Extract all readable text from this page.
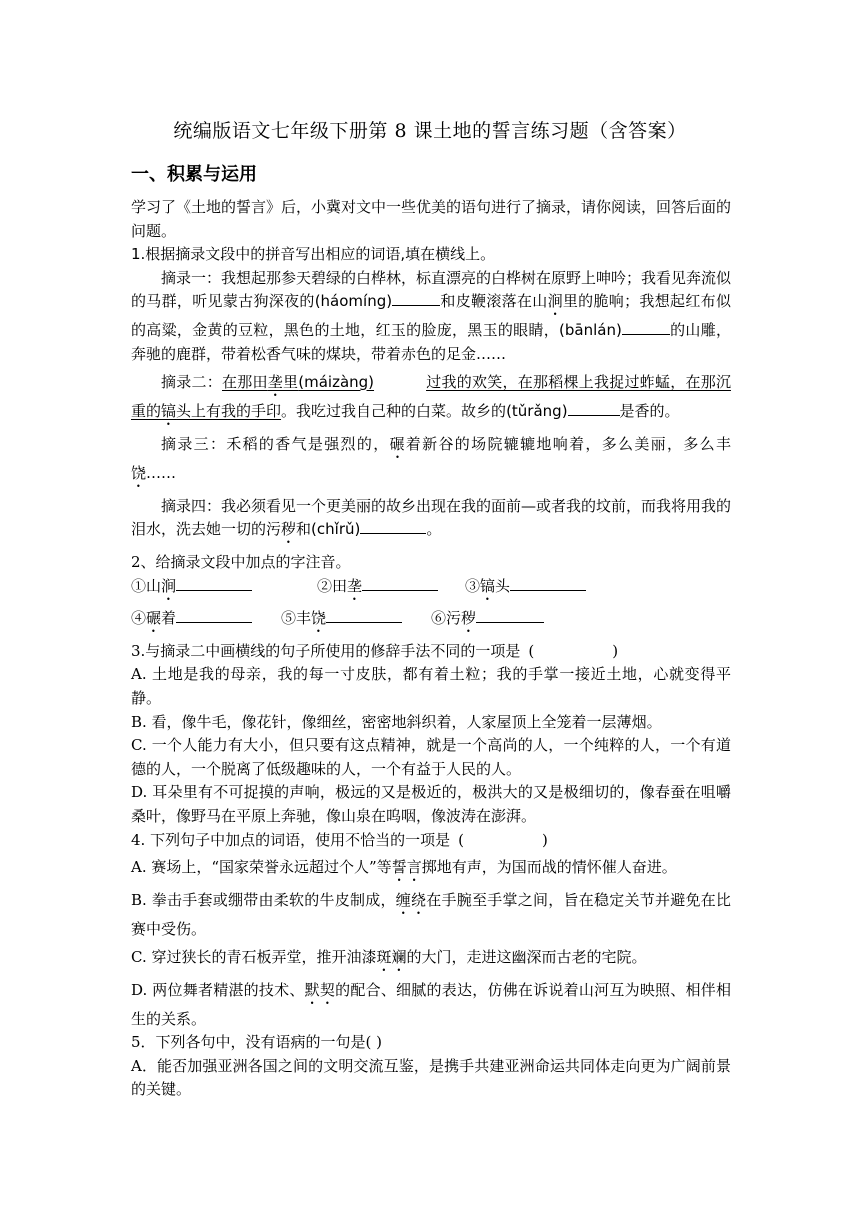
统编版语文七年级下册第 8 课土地的誓言练习题（含答案）
一、积累与运用

学习了《土地的誓言》后，小冀对文中一些优美的语句进行了摘录，请你阅读，回答后面的问题。

1.根据摘录文段中的拼音写出相应的词语,填在横线上。

摘录一：我想起那参天碧绿的白桦林，标直漂亮的白桦树在原野上呻吟；我看见奔流似的马群，听见蒙古狗深夜的(háomíng)	和皮鞭滚落在山涧里的脆响；我想起红布似的高粱，金黄的豆粒，黑色的土地，红玉的脸庞，黑玉的眼睛，(bānlán)	的山雕，奔驰的鹿群，带着松香气味的煤块，带着赤色的足金……

摘录二：在那田垄里(máizàng)	过我的欢笑，在那稻棵上我捉过蚱蜢，在那沉重的镐头上有我的手印。我吃过我自己种的白菜。故乡的(tǔrǎng)	是香的。

摘录三：禾稻的香气是强烈的，碾着新谷的场院辘辘地响着，多么美丽，多么丰饶……

摘录四：我必须看见一个更美丽的故乡出现在我的面前—或者我的坟前，而我将用我的泪水，洗去她一切的污秽和(chǐrǔ)	。

2、给摘录文段中加点的字注音。

①山涧	②田垄	③镐头
④碾着	⑤丰饶	⑥污秽

3.与摘录二中画横线的句子所使用的修辞手法不同的一项是 (	)

A. 土地是我的母亲，我的每一寸皮肤，都有着土粒；我的手掌一接近土地，心就变得平静。

B. 看，像牛毛，像花针，像细丝，密密地斜织着，人家屋顶上全笼着一层薄烟。

C. 一个人能力有大小，但只要有这点精神，就是一个高尚的人，一个纯粹的人，一个有道德的人，一个脱离了低级趣味的人，一个有益于人民的人。

D. 耳朵里有不可捉摸的声响，极远的又是极近的，极洪大的又是极细切的，像春蚕在咀嚼桑叶，像野马在平原上奔驰，像山泉在呜咽，像波涛在澎湃。

4. 下列句子中加点的词语，使用不恰当的一项是 (	)

A. 赛场上，“国家荣誉永远超过个人”等誓言掷地有声，为国而战的情怀催人奋进。

B. 拳击手套或绷带由柔软的牛皮制成，缠绕在手腕至手掌之间，旨在稳定关节并避免在比赛中受伤。

C. 穿过狭长的青石板弄堂，推开油漆斑斓的大门，走进这幽深而古老的宅院。

D. 两位舞者精湛的技术、默契的配合、细腻的表达，仿佛在诉说着山河互为映照、相伴相生的关系。

5．下列各句中，没有语病的一句是( )

A．能否加强亚洲各国之间的文明交流互鉴，是携手共建亚洲命运共同体走向更为广阔前景的关键。
